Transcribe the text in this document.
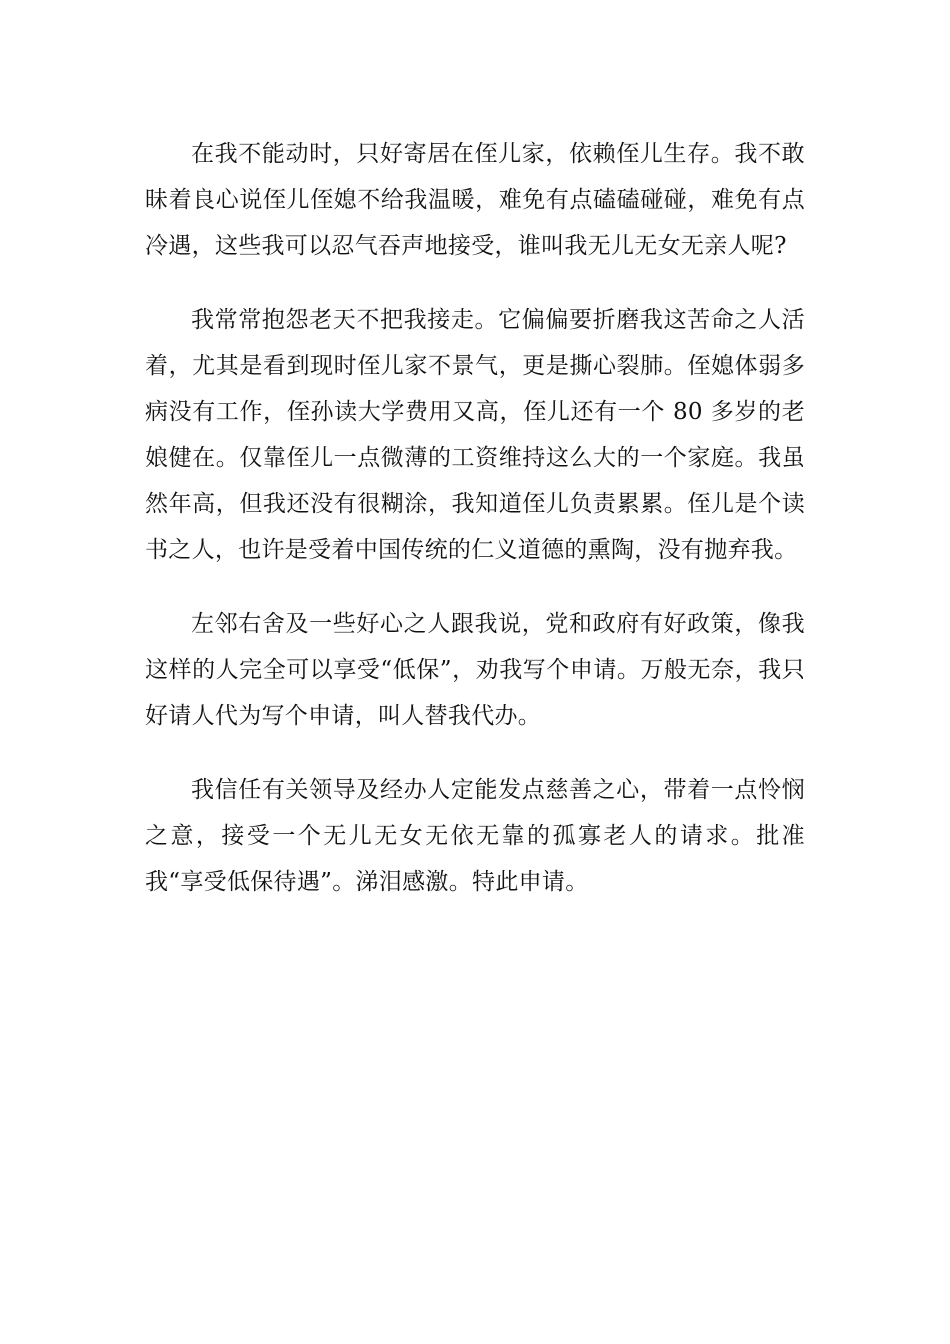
在我不能动时，只好寄居在侄儿家，依赖侄儿生存。我不敢昧着良心说侄儿侄媳不给我温暖，难免有点磕磕碰碰，难免有点冷遇，这些我可以忍气吞声地接受，谁叫我无儿无女无亲人呢?

我常常抱怨老天不把我接走。它偏偏要折磨我这苦命之人活着，尤其是看到现时侄儿家不景气，更是撕心裂肺。侄媳体弱多病没有工作，侄孙读大学费用又高，侄儿还有一个 80 多岁的老娘健在。仅靠侄儿一点微薄的工资维持这么大的一个家庭。我虽然年高，但我还没有很糊涂，我知道侄儿负责累累。侄儿是个读书之人，也许是受着中国传统的仁义道德的熏陶，没有抛弃我。

左邻右舍及一些好心之人跟我说，党和政府有好政策，像我这样的人完全可以享受“低保”，劝我写个申请。万般无奈，我只好请人代为写个申请，叫人替我代办。

我信任有关领导及经办人定能发点慈善之心，带着一点怜悯之意，接受一个无儿无女无依无靠的孤寡老人的请求。批准我“享受低保待遇”。涕泪感激。特此申请。
